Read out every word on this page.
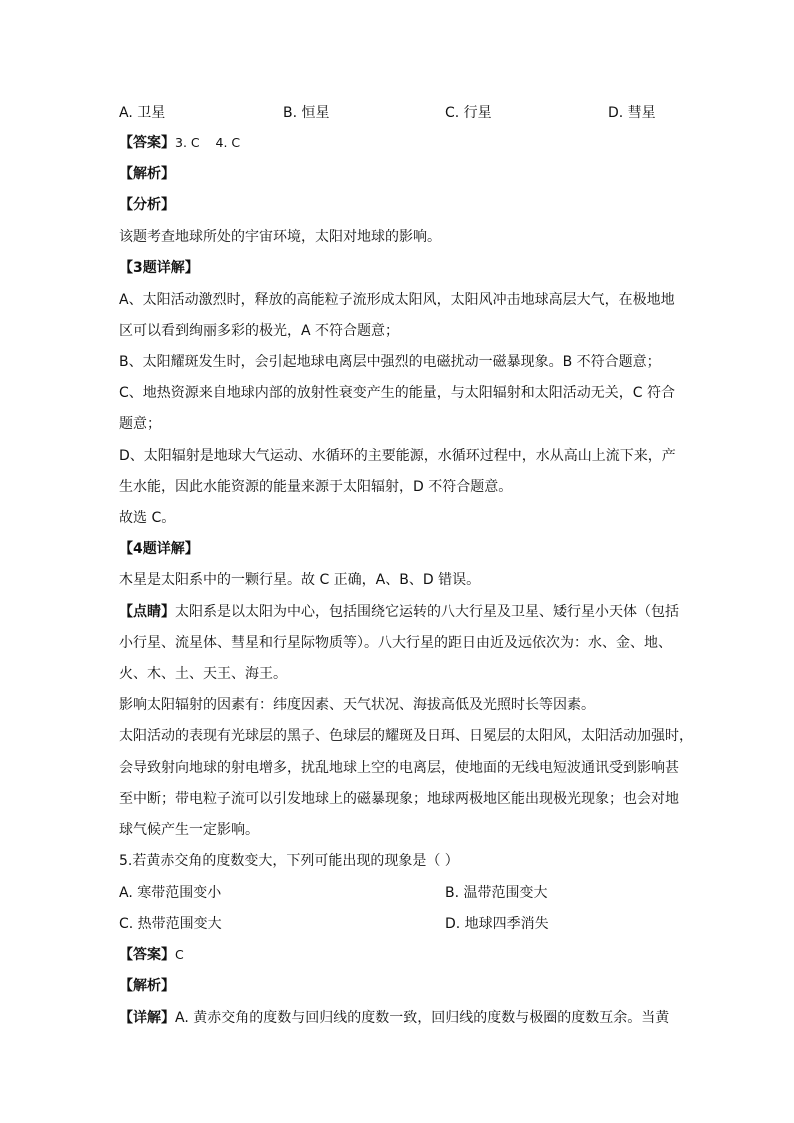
A. 卫星	B. 恒星	C. 行星	D. 彗星
【答案】3. C    4. C
【解析】
【分析】
该题考查地球所处的宇宙环境，太阳对地球的影响。
【3题详解】
A、太阳活动激烈时，释放的高能粒子流形成太阳风，太阳风冲击地球高层大气，在极地地
区可以看到绚丽多彩的极光，A 不符合题意；
B、太阳耀斑发生时，会引起地球电离层中强烈的电磁扰动一磁暴现象。B 不符合题意；
C、地热资源来自地球内部的放射性衰变产生的能量，与太阳辐射和太阳活动无关，C 符合
题意；
D、太阳辐射是地球大气运动、水循环的主要能源，水循环过程中，水从高山上流下来，产
生水能，因此水能资源的能量来源于太阳辐射，D 不符合题意。
故选 C。
【4题详解】
木星是太阳系中的一颗行星。故 C 正确，A、B、D 错误。
【点睛】太阳系是以太阳为中心，包括围绕它运转的八大行星及卫星、矮行星小天体（包括
小行星、流星体、彗星和行星际物质等）。八大行星的距日由近及远依次为：水、金、地、
火、木、土、天王、海王。
影响太阳辐射的因素有：纬度因素、天气状况、海拔高低及光照时长等因素。
太阳活动的表现有光球层的黑子、色球层的耀斑及日珥、日冕层的太阳风，太阳活动加强时，
会导致射向地球的射电增多，扰乱地球上空的电离层，使地面的无线电短波通讯受到影响甚
至中断；带电粒子流可以引发地球上的磁暴现象；地球两极地区能出现极光现象；也会对地
球气候产生一定影响。
5.若黄赤交角的度数变大，下列可能出现的现象是（ ）
A. 寒带范围变小	B. 温带范围变大
C. 热带范围变大	D. 地球四季消失
【答案】C
【解析】
【详解】A. 黄赤交角的度数与回归线的度数一致，回归线的度数与极圈的度数互余。当黄
